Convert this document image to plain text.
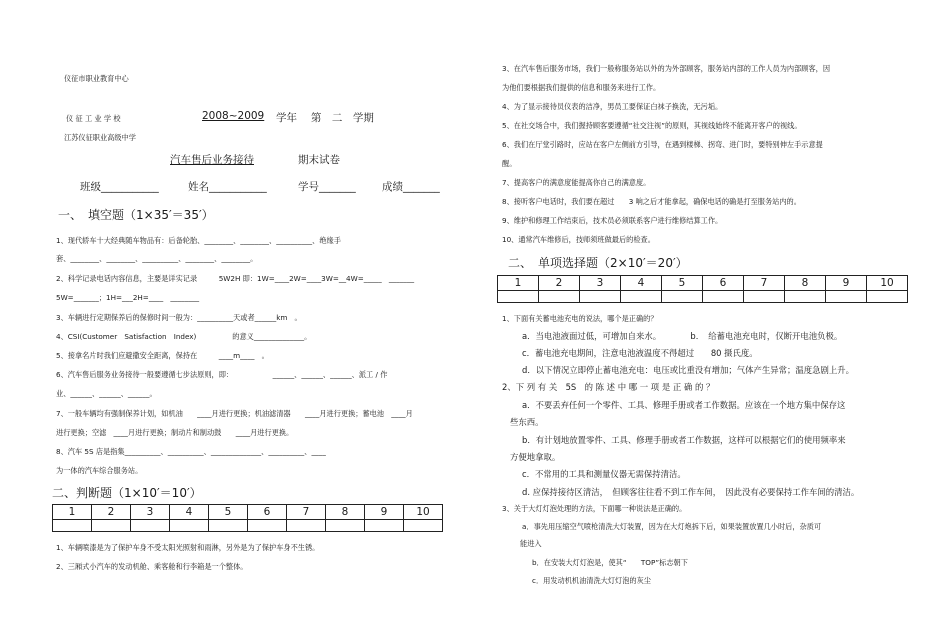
仪征市职业教育中心
仪 征 工 业 学 校	2008~2009 学年　 第　二　学期
江苏仪征职业高级中学
汽车售后业务接待	期末试卷
班级___________	姓名___________	学号_______	成绩_______
一、　填空题（1×35′＝35′）
1、现代轿车十大经典随车物品有：后备轮胎、________、________、__________、绝缘手
套、________、________、__________、________、________。
2、科学记录电话内容信息，主要是详实记录　　　5W2H 即：1W=____2W=____3W=__4W=_____　_______
5W=_______；1H=___2H=____　________
3、车辆进行定期保养后的保修时间一般为：__________天或者______km　。
4、CSI(Customer　Satisfaction　Index)　　　　　的意义______________。
5、接拿名片时我们应避撒安全距离，保持在　　　____m____　。
6、汽车售后服务业务接待一般要遵循七步法原则，即：　　　　　　______、______、______、派工 / 作
业、______、______、______。
7、一般车辆均有强制保养计划，如机油　　____月进行更换；机油滤清器　　____月进行更换；蓄电池　____月
进行更换；空滤　____月进行更换；制动片和制动鼓　　____月进行更换。
8、汽车 5S 店是指集__________、__________、______________、__________、____
为一体的汽车综合服务站。
二、判断题（1×10′＝10′）
1	2	3	4	5	6	7	8	9	10

1、车辆喷漆是为了保护车身不受太阳光照射和雨淋，另外是为了保护车身不生锈。
2、三厢式小汽车的发动机舱、乘客舱和行李箱是一个整体。
3、在汽车售后服务市场，我们一般称服务站以外的为外部顾客，服务站内部的工作人员为内部顾客，因
为他们要根据我们提供的信息和服务来进行工作。
4、为了显示接待员仪表的洁净，男员工要保证白袜子换洗，无污垢。
5、在社交场合中，我们握持顾客要遵循“社交注视”的原则，其视线始终不能离开客户的视线。
6、我们在厅堂引路时，应站在客户左侧前方引导，在遇到楼梯、拐弯、进门时，要特别伸左手示意提
醒。
7、提高客户的满意度能提高你自己的满意度。
8、接听客户电话时，我们要在超过　　3 响之后才能拿起，确保电话的确是打至服务站内的。
9、维护和修理工作结束后，技术员必须联系客户进行维修结算工作。
10、通常汽车维修后，技师须班做最后的检查。
二、　单项选择题（2×10′＝20′）
1	2	3	4	5	6	7	8	9	10

1、下面有关蓄电池充电的说法，哪个是正确的？
a．当电池液面过低，可增加自来水。　　　　b．　给蓄电池充电时，仅断开电池负极。
c．蓄电池充电期间，注意电池液温度不得超过　　80 摄氏度。
d．以下情况立即停止蓄电池充电：电压或比重没有增加；气体产生异常；温度急剧上升。
2、下 列 有 关　5S　的 陈 述 中 哪 一 项 是 正 确 的 ？
a．不要丢弃任何一个零件、工具、修理手册或者工作数据。应该在一个地方集中保存这
些东西。
b．有计划地放置零件、工具、修理手册或者工作数据，这样可以根据它们的使用频率来
方便地拿取。
c．不常用的工具和测量仪器无需保持清洁。
d. 应保持接待区清洁，　但顾客往往看不到工作车间，　因此没有必要保持工作车间的清洁。
3、关于大灯灯泡处理的方法，下面哪一种说法是正确的。
a．事先用压缩空气喷枪清洗大灯装置，因为在大灯炮拆下后，如果装置放置几小时后，杂质可
能进入
b．在安装大灯灯泡是，使其“　　TOP”标志朝下
c．用发动机机油清洗大灯灯泡的灰尘
